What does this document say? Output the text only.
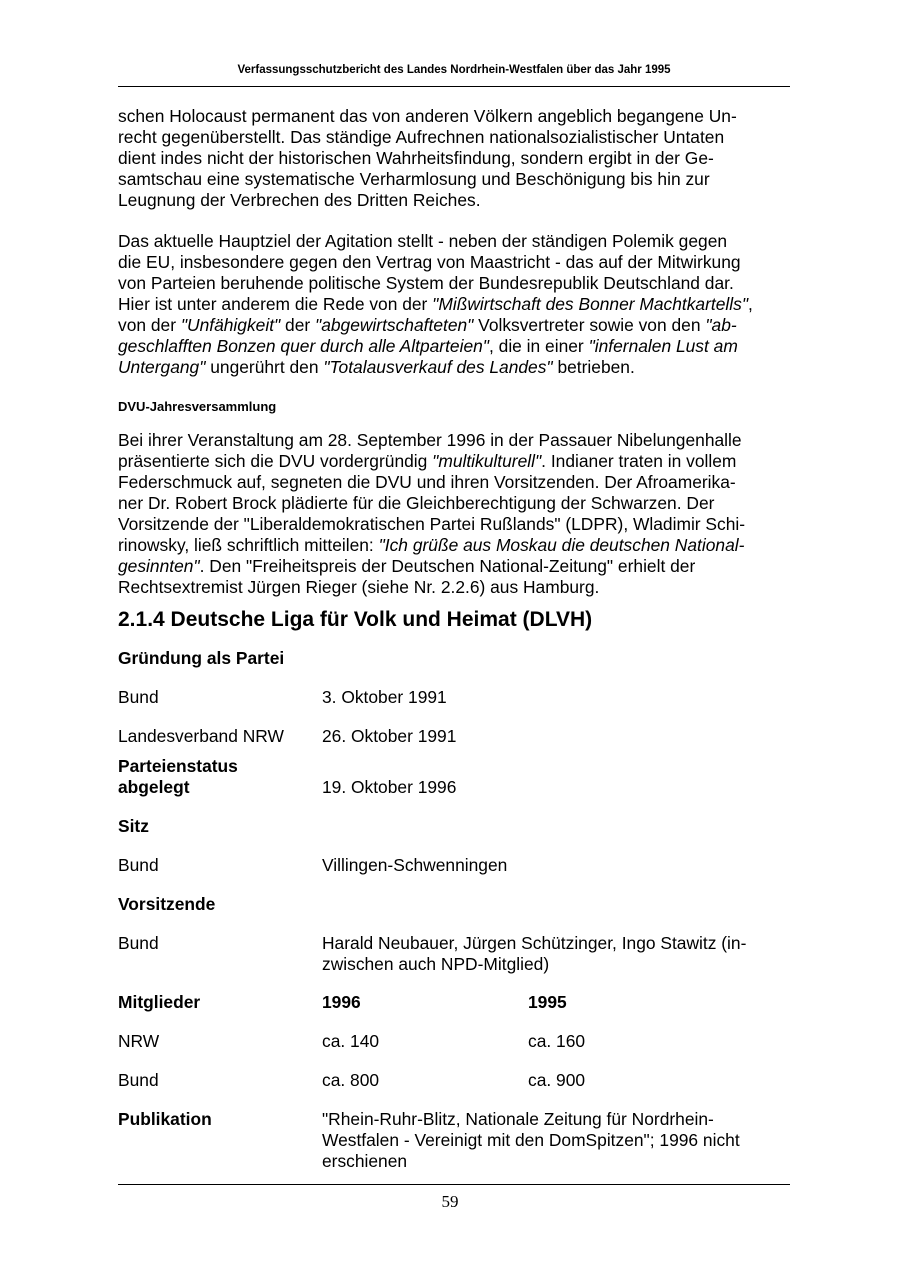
Verfassungsschutzbericht des Landes Nordrhein-Westfalen über das Jahr 1995

schen Holocaust permanent das von anderen Völkern angeblich begangene Un-

recht gegenüberstellt. Das ständige Aufrechnen nationalsozialistischer Untaten

dient indes nicht der historischen Wahrheitsfindung, sondern ergibt in der Ge-

samtschau eine systematische Verharmlosung und Beschönigung bis hin zur

Leugnung der Verbrechen des Dritten Reiches.

Das aktuelle Hauptziel der Agitation stellt - neben der ständigen Polemik gegen

die EU, insbesondere gegen den Vertrag von Maastricht - das auf der Mitwirkung

von Parteien beruhende politische System der Bundesrepublik Deutschland dar.

Hier ist unter anderem die Rede von der "Mißwirtschaft des Bonner Machtkartells",

von der "Unfähigkeit" der "abgewirtschafteten" Volksvertreter sowie von den "ab-

geschlafften Bonzen quer durch alle Altparteien", die in einer "infernalen Lust am

Untergang" ungerührt den "Totalausverkauf des Landes" betrieben.

DVU-Jahresversammlung

Bei ihrer Veranstaltung am 28. September 1996 in der Passauer Nibelungenhalle

präsentierte sich die DVU vordergründig "multikulturell". Indianer traten in vollem

Federschmuck auf, segneten die DVU und ihren Vorsitzenden. Der Afroamerika-

ner Dr. Robert Brock plädierte für die Gleichberechtigung der Schwarzen. Der

Vorsitzende der "Liberaldemokratischen Partei Rußlands" (LDPR), Wladimir Schi-

rinowsky, ließ schriftlich mitteilen: "Ich grüße aus Moskau die deutschen National-

gesinnten". Den "Freiheitspreis der Deutschen National-Zeitung" erhielt der

Rechtsextremist Jürgen Rieger (siehe Nr. 2.2.6) aus Hamburg.

2.1.4 Deutsche Liga für Volk und Heimat (DLVH)
Gründung als Partei
Bund	3. Oktober 1991
Landesverband NRW 26. Oktober 1991
Parteienstatus
abgelegt	19. Oktober 1996
Sitz
Bund	Villingen-Schwenningen
Vorsitzende
Bund	Harald Neubauer, Jürgen Schützinger, Ingo Stawitz (in-
zwischen auch NPD-Mitglied)
Mitglieder	1996	1995
NRW	ca. 140	ca. 160
Bund	ca. 800	ca. 900
Publikation	"Rhein-Ruhr-Blitz, Nationale Zeitung für Nordrhein-
Westfalen - Vereinigt mit den DomSpitzen"; 1996 nicht
erschienen
59
